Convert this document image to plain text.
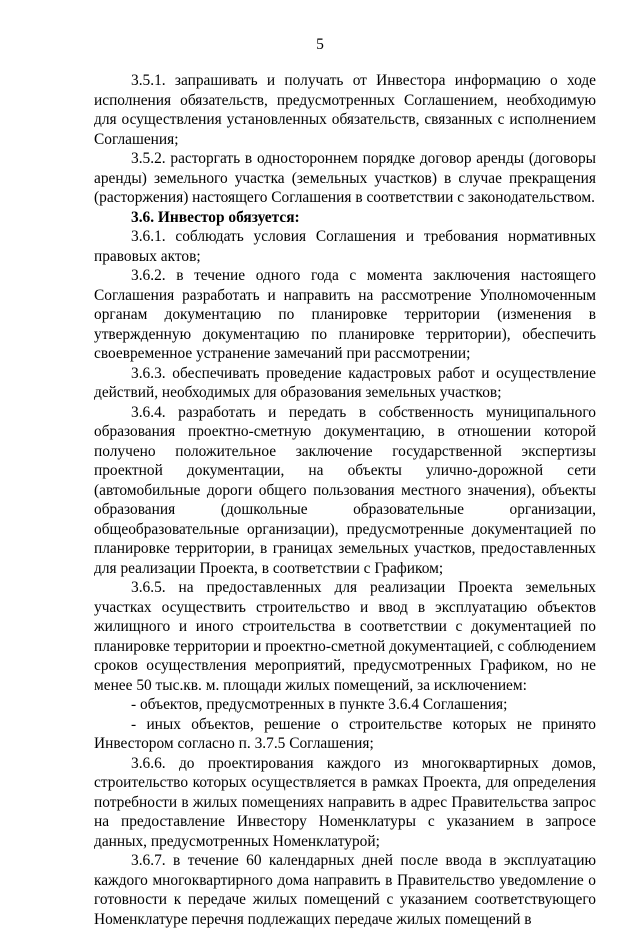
5

3.5.1. запрашивать и получать от Инвестора информацию о ходе исполнения обязательств, предусмотренных Соглашением, необходимую для осуществления установленных обязательств, связанных с исполнением Соглашения;

3.5.2. расторгать в одностороннем порядке договор аренды (договоры аренды) земельного участка (земельных участков) в случае прекращения (расторжения) настоящего Соглашения в соответствии с законодательством.

3.6. Инвестор обязуется:

3.6.1. соблюдать условия Соглашения и требования нормативных правовых актов;

3.6.2. в течение одного года с момента заключения настоящего Соглашения разработать и направить на рассмотрение Уполномоченным органам документацию по планировке территории (изменения в утвержденную документацию по планировке территории), обеспечить своевременное устранение замечаний при рассмотрении;

3.6.3. обеспечивать проведение кадастровых работ и осуществление действий, необходимых для образования земельных участков;

3.6.4. разработать и передать в собственность муниципального образования проектно-сметную документацию, в отношении которой получено положительное заключение государственной экспертизы проектной документации, на объекты улично-дорожной сети (автомобильные дороги общего пользования местного значения), объекты образования (дошкольные образовательные организации, общеобразовательные организации), предусмотренные документацией по планировке территории, в границах земельных участков, предоставленных для реализации Проекта, в соответствии с Графиком;

3.6.5. на предоставленных для реализации Проекта земельных участках осуществить строительство и ввод в эксплуатацию объектов жилищного и иного строительства в соответствии с документацией по планировке территории и проектно-сметной документацией, с соблюдением сроков осуществления мероприятий, предусмотренных Графиком, но не менее 50 тыс.кв. м. площади жилых помещений, за исключением:

- объектов, предусмотренных в пункте 3.6.4 Соглашения;

- иных объектов, решение о строительстве которых не принято Инвестором согласно п. 3.7.5 Соглашения;

3.6.6. до проектирования каждого из многоквартирных домов, строительство которых осуществляется в рамках Проекта, для определения потребности в жилых помещениях направить в адрес Правительства запрос на предоставление Инвестору Номенклатуры с указанием в запросе данных, предусмотренных Номенклатурой;

3.6.7. в течение 60 календарных дней после ввода в эксплуатацию каждого многоквартирного дома направить в Правительство уведомление о готовности к передаче жилых помещений с указанием соответствующего Номенклатуре перечня подлежащих передаче жилых помещений в
